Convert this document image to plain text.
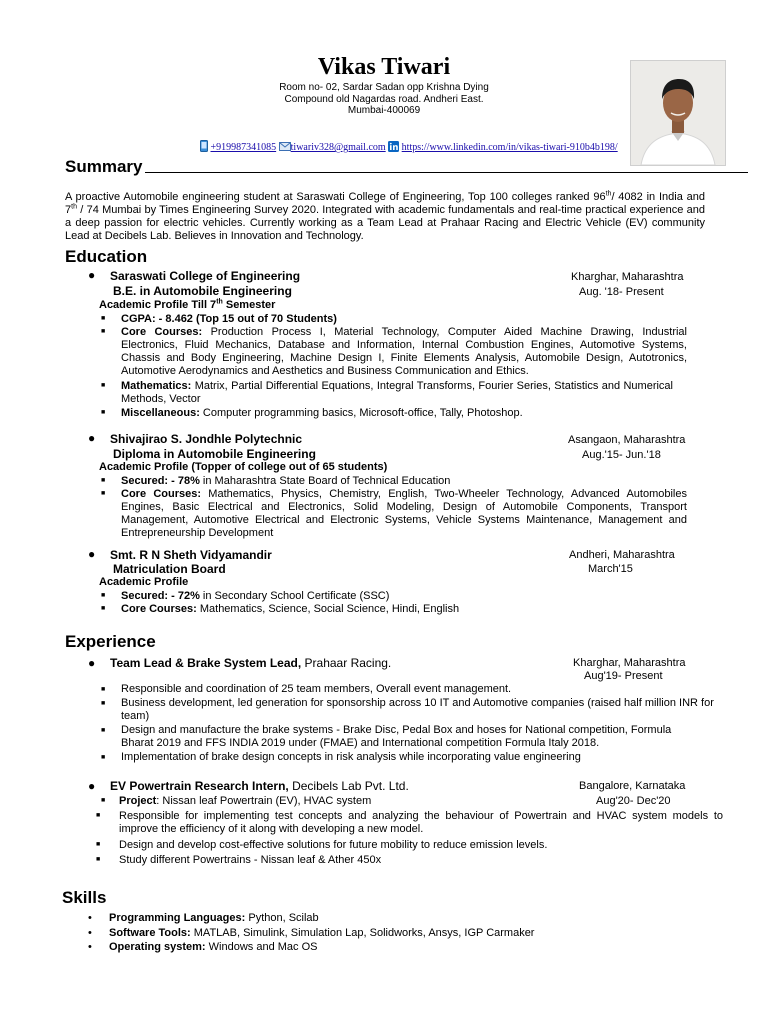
Vikas Tiwari
Room no- 02, Sardar Sadan opp Krishna Dying
Compound old Nagardas road. Andheri East.
Mumbai-400069
+919987341085 tiwariv328@gmail.com https://www.linkedin.com/in/vikas-tiwari-910b4b198/
Summary
A proactive Automobile engineering student at Saraswati College of Engineering, Top 100 colleges ranked 96th/ 4082 in India and 7th / 74 Mumbai by Times Engineering Survey 2020. Integrated with academic fundamentals and real-time practical experience and a deep passion for electric vehicles. Currently working as a Team Lead at Prahaar Racing and Electric Vehicle (EV) community Lead at Decibels Lab. Believes in Innovation and Technology.
Education
● Saraswati College of Engineering	Kharghar, Maharashtra
B.E. in Automobile Engineering	Aug. '18- Present
Academic Profile Till 7th Semester
■ CGPA: - 8.462 (Top 15 out of 70 Students)
■ Core Courses: Production Process I, Material Technology, Computer Aided Machine Drawing, Industrial Electronics, Fluid Mechanics, Database and Information, Internal Combustion Engines, Automotive Systems, Chassis and Body Engineering, Machine Design I, Finite Elements Analysis, Automobile Design, Autotronics, Automotive Aerodynamics and Aesthetics and Business Communication and Ethics.
■ Mathematics: Matrix, Partial Differential Equations, Integral Transforms, Fourier Series, Statistics and Numerical Methods, Vector
■ Miscellaneous: Computer programming basics, Microsoft-office, Tally, Photoshop.
● Shivajirao S. Jondhle Polytechnic	Asangaon, Maharashtra
Diploma in Automobile Engineering	Aug.'15- Jun.'18
Academic Profile (Topper of college out of 65 students)
■ Secured: - 78% in Maharashtra State Board of Technical Education
■ Core Courses: Mathematics, Physics, Chemistry, English, Two-Wheeler Technology, Advanced Automobiles Engines, Basic Electrical and Electronics, Solid Modeling, Design of Automobile Components, Transport Management, Automotive Electrical and Electronic Systems, Vehicle Systems Maintenance, Management and Entrepreneurship Development
● Smt. R N Sheth Vidyamandir	Andheri, Maharashtra
Matriculation Board	March'15
Academic Profile
■ Secured: - 72% in Secondary School Certificate (SSC)
■ Core Courses: Mathematics, Science, Social Science, Hindi, English
Experience
● Team Lead & Brake System Lead, Prahaar Racing.	Kharghar, Maharashtra
Aug'19- Present
■ Responsible and coordination of 25 team members, Overall event management.
■ Business development, led generation for sponsorship across 10 IT and Automotive companies (raised half million INR for team)
■ Design and manufacture the brake systems - Brake Disc, Pedal Box and hoses for National competition, Formula Bharat 2019 and FFS INDIA 2019 under (FMAE) and International competition Formula Italy 2018.
■ Implementation of brake design concepts in risk analysis while incorporating value engineering
● EV Powertrain Research Intern, Decibels Lab Pvt. Ltd.	Bangalore, Karnataka
■ Project: Nissan leaf Powertrain (EV), HVAC system	Aug'20- Dec'20
■ Responsible for implementing test concepts and analyzing the behaviour of Powertrain and HVAC system models to improve the efficiency of it along with developing a new model.
■ Design and develop cost-effective solutions for future mobility to reduce emission levels.
■ Study different Powertrains - Nissan leaf & Ather 450x
Skills
• Programming Languages: Python, Scilab
• Software Tools: MATLAB, Simulink, Simulation Lap, Solidworks, Ansys, IGP Carmaker
• Operating system: Windows and Mac OS
